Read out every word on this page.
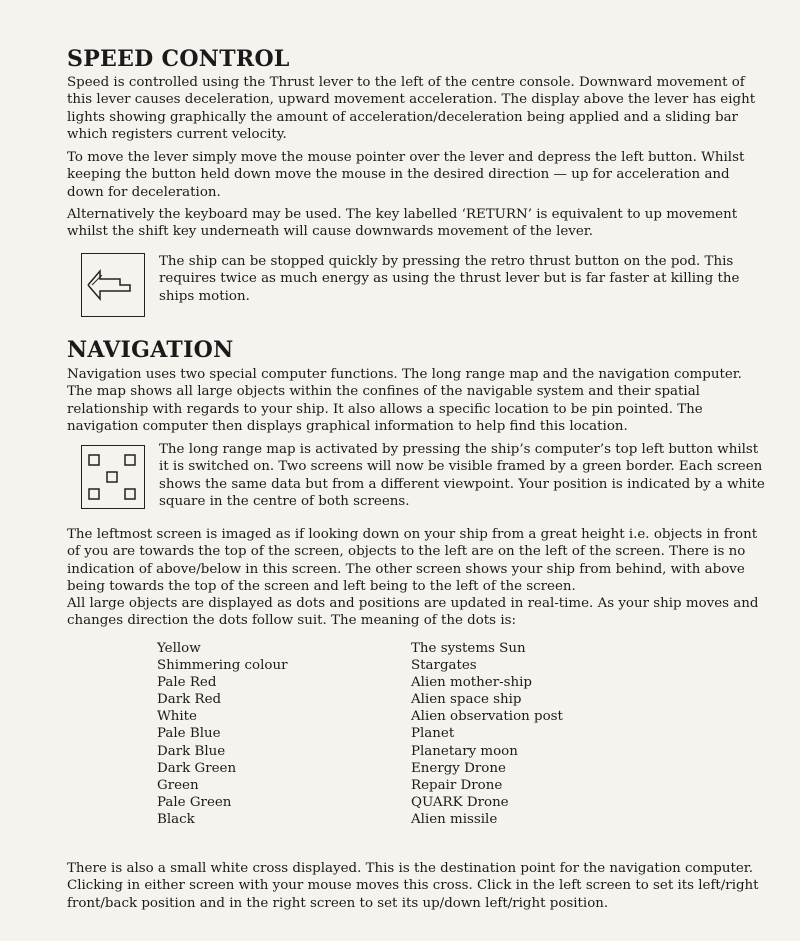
SPEED CONTROL

Speed is controlled using the Thrust lever to the left of the centre console. Downward movement of this lever causes deceleration, upward movement acceleration. The display above the lever has eight lights showing graphically the amount of acceleration/deceleration being applied and a sliding bar which registers current velocity.

To move the lever simply move the mouse pointer over the lever and depress the left button. Whilst keeping the button held down move the mouse in the desired direction — up for acceleration and down for deceleration.

Alternatively the keyboard may be used. The key labelled ‘RETURN’ is equivalent to up movement whilst the shift key underneath will cause downwards movement of the lever.

The ship can be stopped quickly by pressing the retro thrust button on the pod. This requires twice as much energy as using the thrust lever but is far faster at killing the ships motion.

NAVIGATION

Navigation uses two special computer functions. The long range map and the navigation computer. The map shows all large objects within the confines of the navigable system and their spatial relationship with regards to your ship. It also allows a specific location to be pin pointed. The navigation computer then displays graphical information to help find this location.

The long range map is activated by pressing the ship’s computer’s top left button whilst it is switched on. Two screens will now be visible framed by a green border. Each screen shows the same data but from a different viewpoint. Your position is indicated by a white square in the centre of both screens.

The leftmost screen is imaged as if looking down on your ship from a great height i.e. objects in front of you are towards the top of the screen, objects to the left are on the left of the screen. There is no indication of above/below in this screen. The other screen shows your ship from behind, with above being towards the top of the screen and left being to the left of the screen.

All large objects are displayed as dots and positions are updated in real-time. As your ship moves and changes direction the dots follow suit. The meaning of the dots is:

Yellow	The systems Sun
Shimmering colour	Stargates
Pale Red	Alien mother-ship
Dark Red	Alien space ship
White	Alien observation post
Pale Blue	Planet
Dark Blue	Planetary moon
Dark Green	Energy Drone
Green	Repair Drone
Pale Green	QUARK Drone
Black	Alien missile

There is also a small white cross displayed. This is the destination point for the navigation computer. Clicking in either screen with your mouse moves this cross. Click in the left screen to set its left/right front/back position and in the right screen to set its up/down left/right position.
